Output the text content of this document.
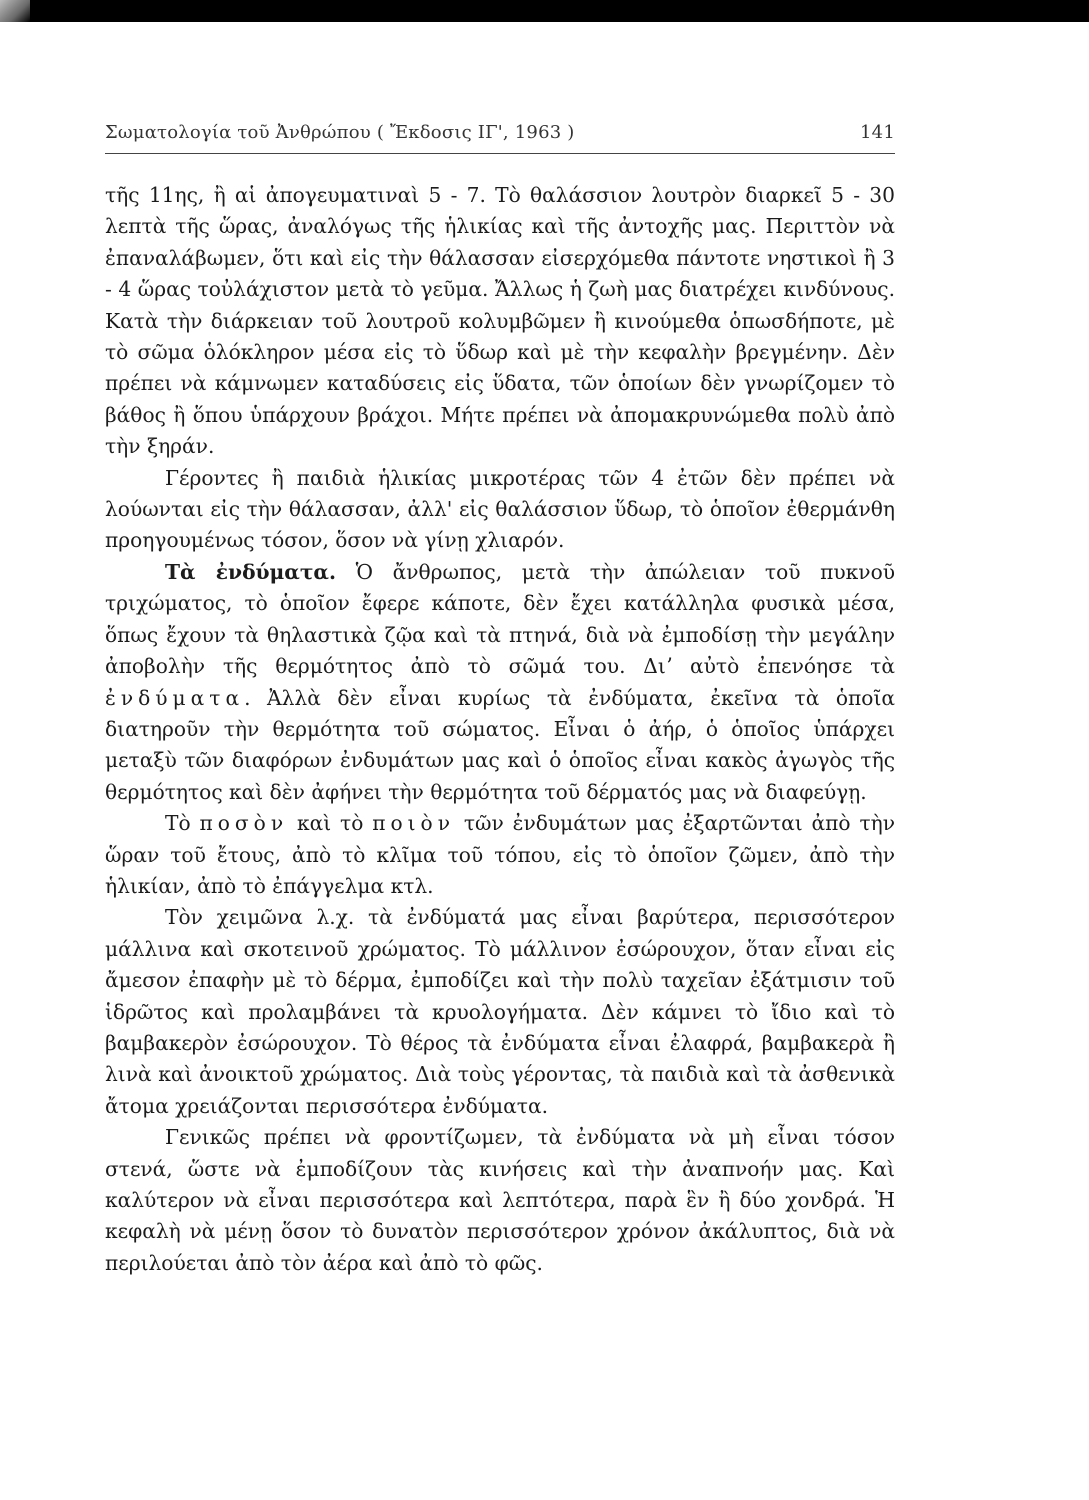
Σωματολογία τοῦ Ἀνθρώπου ( Ἔκδοσις ΙΓ', 1963 )	141

τῆς 11ης, ἢ αἱ ἀπογευματιναὶ 5 - 7. Τὸ θαλάσσιον λουτρὸν διαρκεῖ 5 - 30 λεπτὰ τῆς ὥρας, ἀναλόγως τῆς ἡλικίας καὶ τῆς ἀντοχῆς μας. Περιττὸν νὰ ἐπαναλάβωμεν, ὅτι καὶ εἰς τὴν θάλασσαν εἰσερχόμεθα πάντοτε νηστικοὶ ἢ 3 - 4 ὥρας τοὐλάχιστον μετὰ τὸ γεῦμα. Ἄλλως ἡ ζωὴ μας διατρέχει κινδύνους. Κατὰ τὴν διάρκειαν τοῦ λουτροῦ κολυμβῶμεν ἢ κινούμεθα ὁπωσδήποτε, μὲ τὸ σῶμα ὁλόκληρον μέσα εἰς τὸ ὕδωρ καὶ μὲ τὴν κεφαλὴν βρεγμένην. Δὲν πρέπει νὰ κάμνωμεν καταδύσεις εἰς ὕδατα, τῶν ὁποίων δὲν γνωρίζομεν τὸ βάθος ἢ ὅπου ὑπάρχουν βράχοι. Μήτε πρέπει νὰ ἀπομακρυνώμεθα πολὺ ἀπὸ τὴν ξηράν.

Γέροντες ἢ παιδιὰ ἡλικίας μικροτέρας τῶν 4 ἐτῶν δὲν πρέπει νὰ λούωνται εἰς τὴν θάλασσαν, ἀλλ' εἰς θαλάσσιον ὕδωρ, τὸ ὁποῖον ἐθερμάνθη προηγουμένως τόσον, ὅσον νὰ γίνῃ χλιαρόν.

Τὰ ἐνδύματα. Ὁ ἄνθρωπος, μετὰ τὴν ἀπώλειαν τοῦ πυκνοῦ τριχώματος, τὸ ὁποῖον ἔφερε κάποτε, δὲν ἔχει κατάλληλα φυσικὰ μέσα, ὅπως ἔχουν τὰ θηλαστικὰ ζῷα καὶ τὰ πτηνά, διὰ νὰ ἐμποδίσῃ τὴν μεγάλην ἀποβολὴν τῆς θερμότητος ἀπὸ τὸ σῶμά του. Διʼ αὐτὸ ἐπενόησε τὰ ἐνδύματα. Ἀλλὰ δὲν εἶναι κυρίως τὰ ἐνδύματα, ἐκεῖνα τὰ ὁποῖα διατηροῦν τὴν θερμότητα τοῦ σώματος. Εἶναι ὁ ἀήρ, ὁ ὁποῖος ὑπάρχει μεταξὺ τῶν διαφόρων ἐνδυμάτων μας καὶ ὁ ὁποῖος εἶναι κακὸς ἀγωγὸς τῆς θερμότητος καὶ δὲν ἀφήνει τὴν θερμότητα τοῦ δέρματός μας νὰ διαφεύγῃ.

Τὸ ποσὸν καὶ τὸ ποιὸν τῶν ἐνδυμάτων μας ἐξαρτῶνται ἀπὸ τὴν ὥραν τοῦ ἔτους, ἀπὸ τὸ κλῖμα τοῦ τόπου, εἰς τὸ ὁποῖον ζῶμεν, ἀπὸ τὴν ἡλικίαν, ἀπὸ τὸ ἐπάγγελμα κτλ.

Τὸν χειμῶνα λ.χ. τὰ ἐνδύματά μας εἶναι βαρύτερα, περισσότερον μάλλινα καὶ σκοτεινοῦ χρώματος. Τὸ μάλλινον ἐσώρουχον, ὅταν εἶναι εἰς ἄμεσον ἐπαφὴν μὲ τὸ δέρμα, ἐμποδίζει καὶ τὴν πολὺ ταχεῖαν ἐξάτμισιν τοῦ ἱδρῶτος καὶ προλαμβάνει τὰ κρυολογήματα. Δὲν κάμνει τὸ ἴδιο καὶ τὸ βαμβακερὸν ἐσώρουχον. Τὸ θέρος τὰ ἐνδύματα εἶναι ἐλαφρά, βαμβακερὰ ἢ λινὰ καὶ ἀνοικτοῦ χρώματος. Διὰ τοὺς γέροντας, τὰ παιδιὰ καὶ τὰ ἀσθενικὰ ἄτομα χρειάζονται περισσότερα ἐνδύματα.

Γενικῶς πρέπει νὰ φροντίζωμεν, τὰ ἐνδύματα νὰ μὴ εἶναι τόσον στενά, ὥστε νὰ ἐμποδίζουν τὰς κινήσεις καὶ τὴν ἀναπνοήν μας. Καὶ καλύτερον νὰ εἶναι περισσότερα καὶ λεπτότερα, παρὰ ἓν ἢ δύο χονδρά. Ἡ κεφαλὴ νὰ μένῃ ὅσον τὸ δυνατὸν περισσότερον χρόνον ἀκάλυπτος, διὰ νὰ περιλούεται ἀπὸ τὸν ἀέρα καὶ ἀπὸ τὸ φῶς.
